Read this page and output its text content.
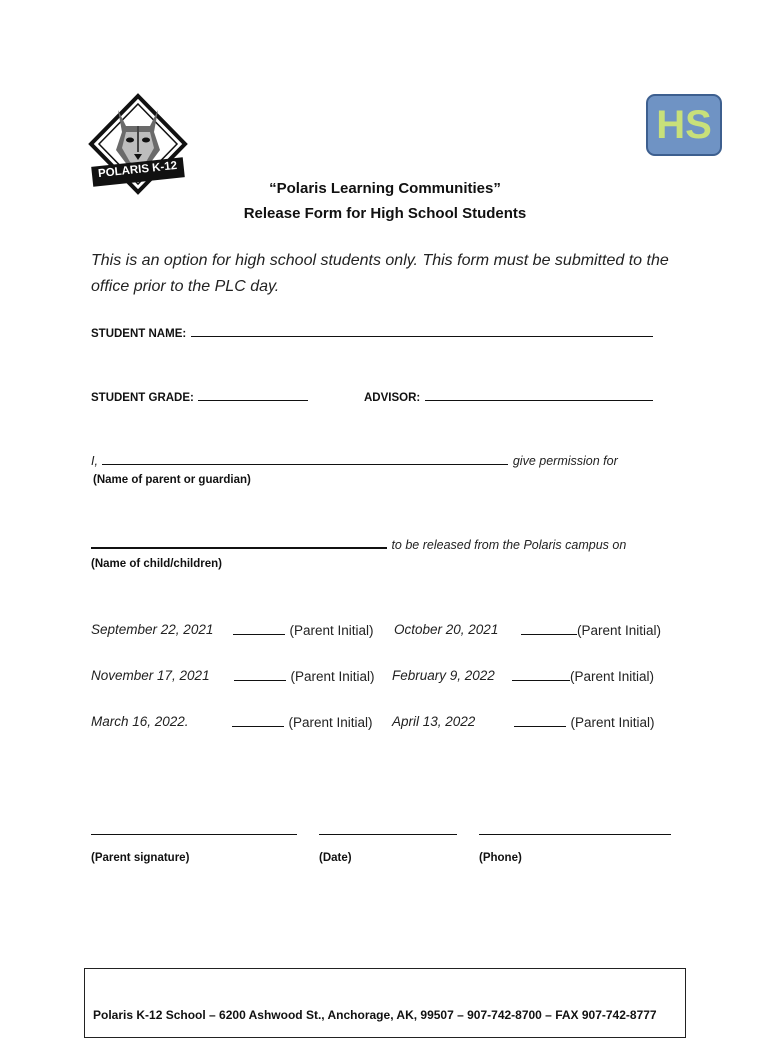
POLARIS K-12
HS
“Polaris Learning Communities”
Release Form for High School Students
This is an option for high school students only. This form must be submitted to the office prior to the PLC day.
STUDENT NAME:
STUDENT GRADE:	ADVISOR:
I,	give permission for
(Name of parent or guardian)
to be released from the Polaris campus on
(Name of child/children)
September 22, 2021	(Parent Initial) October 20, 2021	(Parent Initial)
November 17, 2021	(Parent Initial) February 9, 2022	(Parent Initial)
March 16, 2022.	(Parent Initial) April 13, 2022	(Parent Initial)
(Parent signature)	(Date)	(Phone)
Polaris K-12 School – 6200 Ashwood St., Anchorage, AK, 99507 – 907-742-8700 – FAX 907-742-8777
